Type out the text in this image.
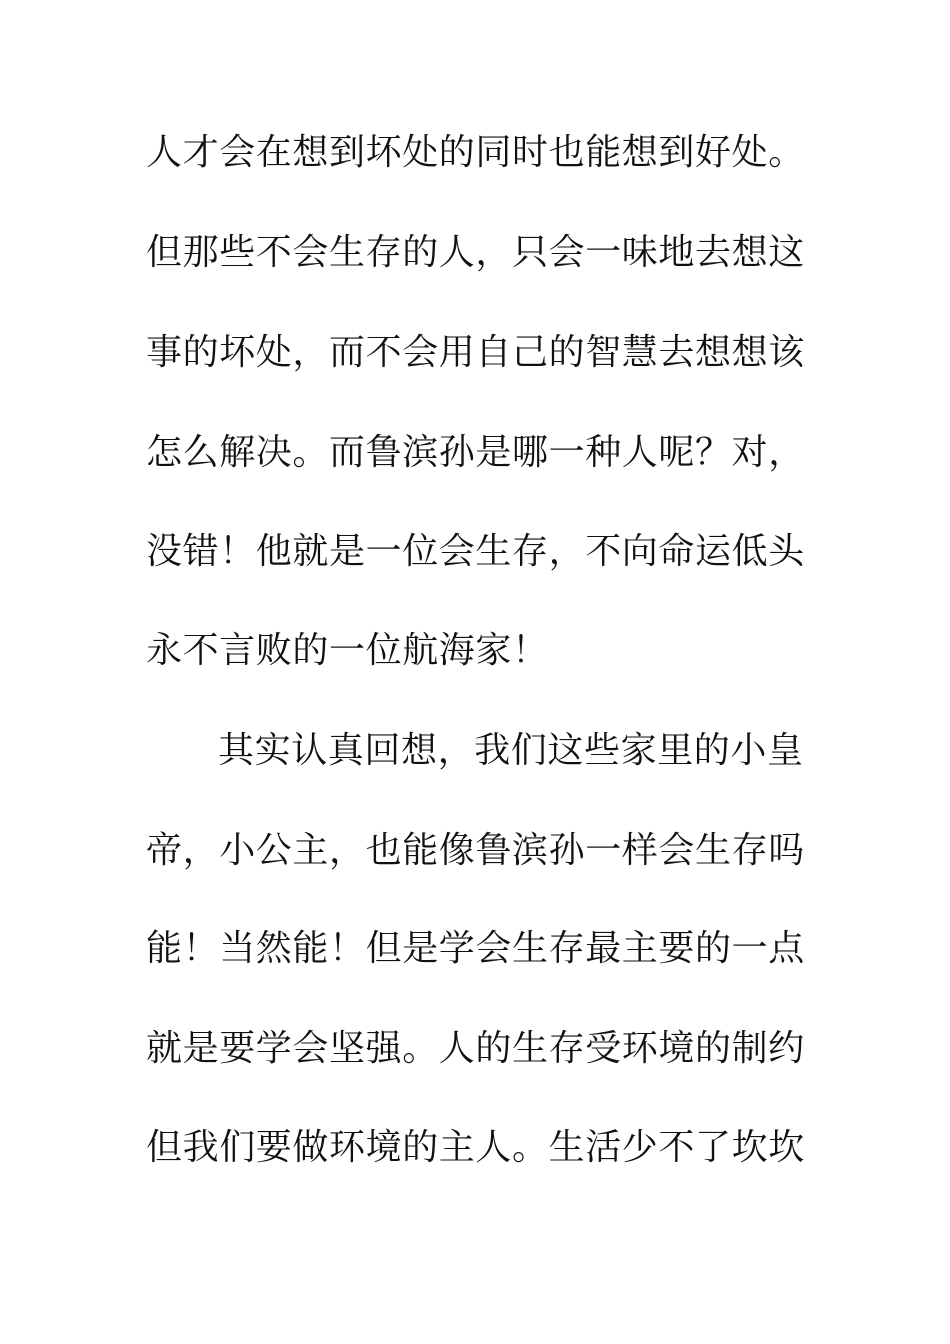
人才会在想到坏处的同时也能想到好处。
但那些不会生存的人，只会一味地去想这
事的坏处，而不会用自己的智慧去想想该
怎么解决。而鲁滨孙是哪一种人呢？对，
没错！他就是一位会生存，不向命运低头
永不言败的一位航海家！
其实认真回想，我们这些家里的小皇
帝，小公主，也能像鲁滨孙一样会生存吗
能！当然能！但是学会生存最主要的一点
就是要学会坚强。人的生存受环境的制约
但我们要做环境的主人。生活少不了坎坎
